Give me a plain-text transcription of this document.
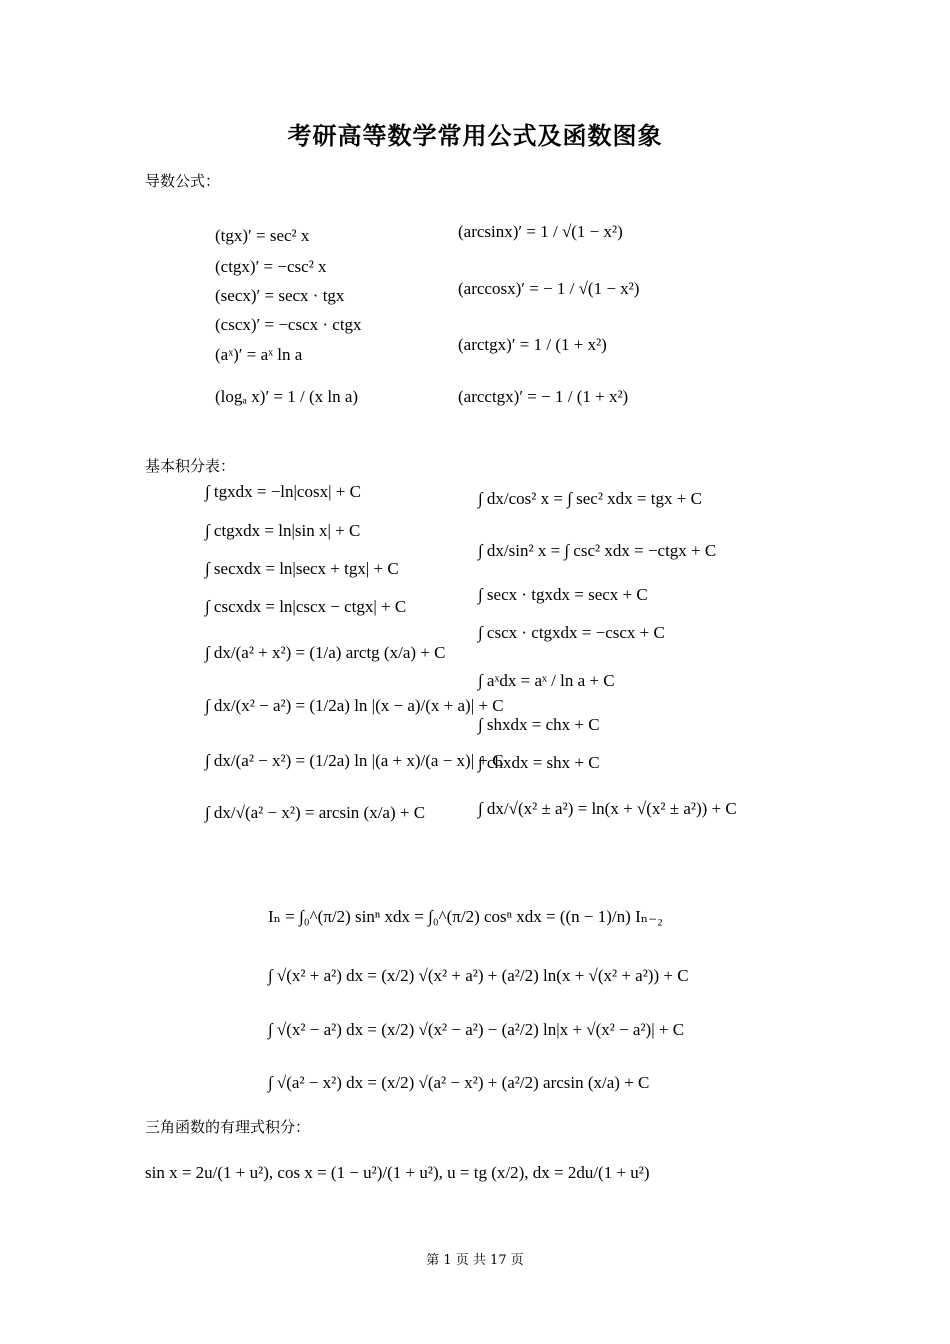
考研高等数学常用公式及函数图象
导数公式：
(tgx)′ = sec² x
(ctgx)′ = −csc² x
(secx)′ = secx · tgx
(cscx)′ = −cscx · ctgx
(aˣ)′ = aˣ ln a
(logₐ x)′ = 1 / (x ln a)
(arcsinx)′ = 1 / √(1 − x²)
(arccosx)′ = − 1 / √(1 − x²)
(arctgx)′ = 1 / (1 + x²)
(arcctgx)′ = − 1 / (1 + x²)
基本积分表：
∫ tgxdx = −ln|cosx| + C
∫ ctgxdx = ln|sin x| + C
∫ secxdx = ln|secx + tgx| + C
∫ cscxdx = ln|cscx − ctgx| + C
∫ dx/(a² + x²) = (1/a) arctg (x/a) + C
∫ dx/(x² − a²) = (1/2a) ln |(x − a)/(x + a)| + C
∫ dx/(a² − x²) = (1/2a) ln |(a + x)/(a − x)| + C
∫ dx/√(a² − x²) = arcsin (x/a) + C
∫ dx/cos² x = ∫ sec² xdx = tgx + C
∫ dx/sin² x = ∫ csc² xdx = −ctgx + C
∫ secx · tgxdx = secx + C
∫ cscx · ctgxdx = −cscx + C
∫ aˣdx = aˣ / ln a + C
∫ shxdx = chx + C
∫ chxdx = shx + C
∫ dx/√(x² ± a²) = ln(x + √(x² ± a²)) + C
Iₙ = ∫₀^(π/2) sinⁿ xdx = ∫₀^(π/2) cosⁿ xdx = ((n − 1)/n) Iₙ₋₂
∫ √(x² + a²) dx = (x/2) √(x² + a²) + (a²/2) ln(x + √(x² + a²)) + C
∫ √(x² − a²) dx = (x/2) √(x² − a²) − (a²/2) ln|x + √(x² − a²)| + C
∫ √(a² − x²) dx = (x/2) √(a² − x²) + (a²/2) arcsin (x/a) + C
三角函数的有理式积分：
sin x = 2u/(1 + u²), cos x = (1 − u²)/(1 + u²), u = tg (x/2), dx = 2du/(1 + u²)
第 1 页 共 17 页
